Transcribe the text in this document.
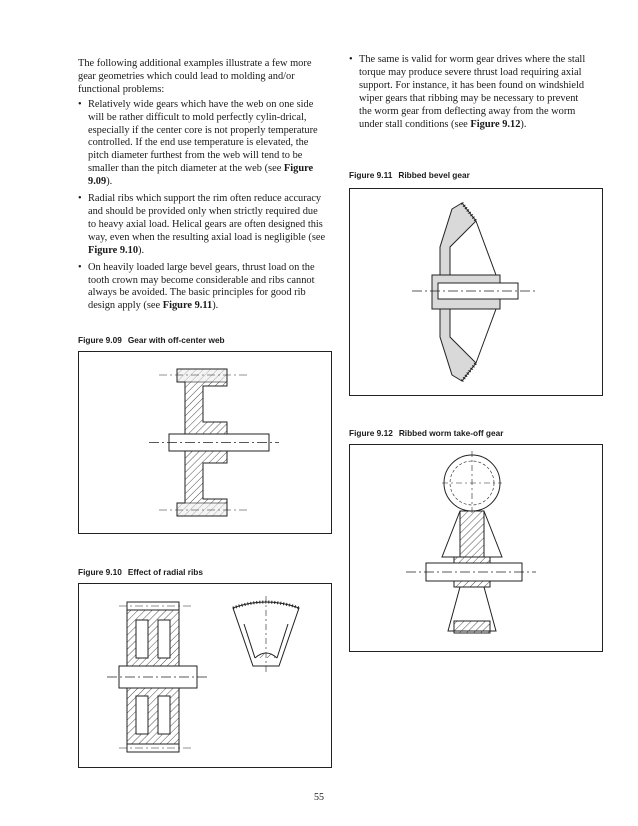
The following additional examples illustrate a few more gear geometries which could lead to molding and/or functional problems:

• Relatively wide gears which have the web on one side will be rather difficult to mold perfectly cylin-drical, especially if the center core is not properly temperature controlled. If the end use temperature is elevated, the pitch diameter furthest from the web will tend to be smaller than the pitch diameter at the web (see Figure 9.09).
• Radial ribs which support the rim often reduce accuracy and should be provided only when strictly required due to heavy axial load. Helical gears are often designed this way, even when the resulting axial load is negligible (see Figure 9.10).
• On heavily loaded large bevel gears, thrust load on the tooth crown may become considerable and ribs cannot always be avoided. The basic principles for good rib design apply (see Figure 9.11).
• The same is valid for worm gear drives where the stall torque may produce severe thrust load requiring axial support. For instance, it has been found on windshield wiper gears that ribbing may be necessary to prevent the worm gear from deflecting away from the worm under stall conditions (see Figure 9.12).
Figure 9.09 Gear with off-center web
Figure 9.10 Effect of radial ribs
Figure 9.11 Ribbed bevel gear
Figure 9.12 Ribbed worm take-off gear
55
